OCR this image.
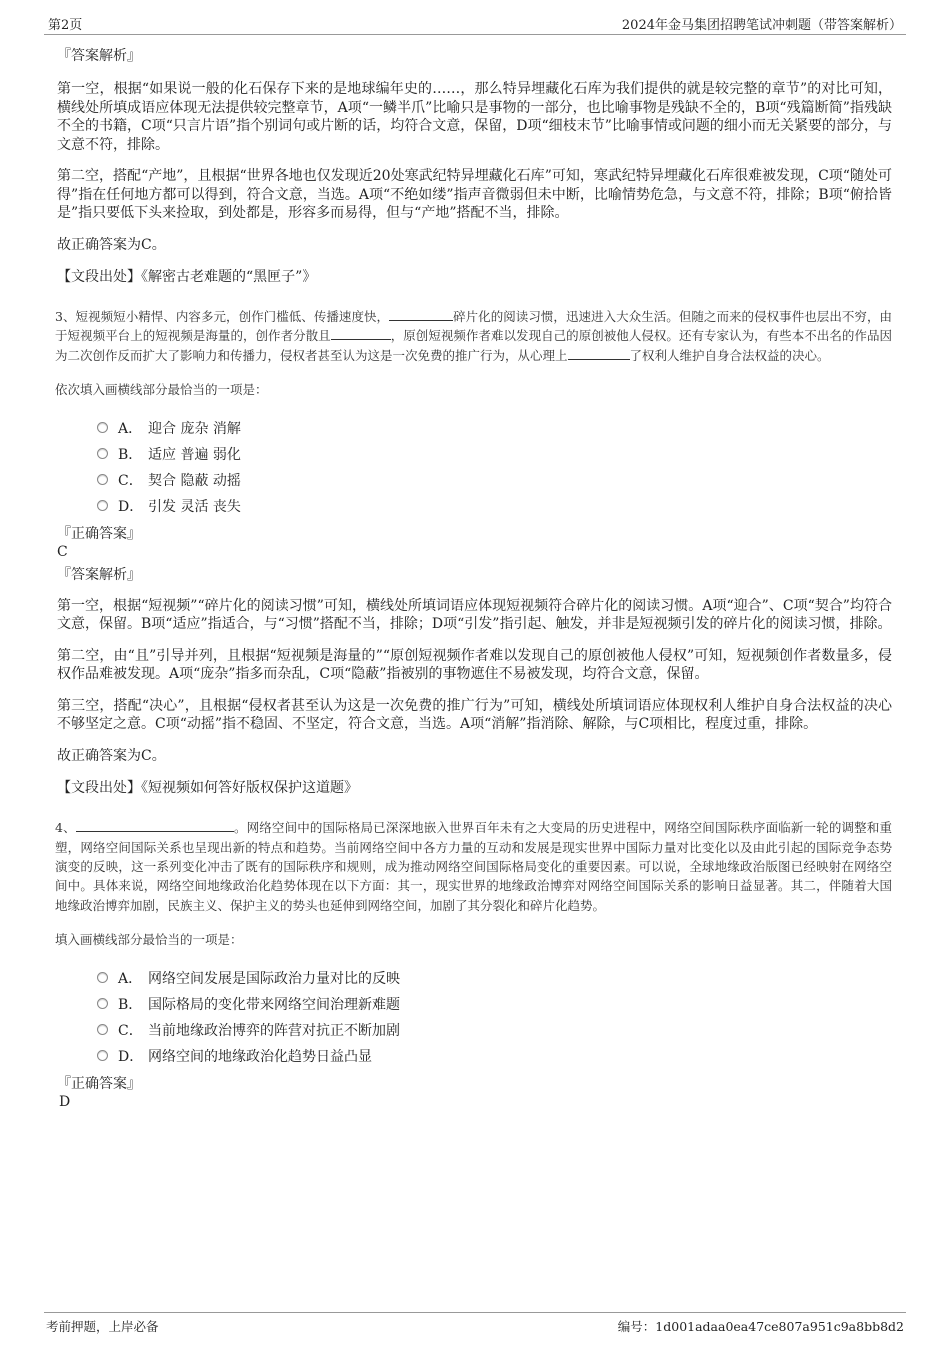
第2页	2024年金马集团招聘笔试冲刺题（带答案解析）
『答案解析』

第一空，根据“如果说一般的化石保存下来的是地球编年史的……，那么特异埋藏化石库为我们提供的就是较完整的章节”的对比可知，横线处所填成语应体现无法提供较完整章节，A项“一鳞半爪”比喻只是事物的一部分，也比喻事物是残缺不全的，B项“残篇断简”指残缺不全的书籍，C项“只言片语”指个别词句或片断的话，均符合文意，保留，D项“细枝末节”比喻事情或问题的细小而无关紧要的部分，与文意不符，排除。

第二空，搭配“产地”，且根据“世界各地也仅发现近20处寒武纪特异埋藏化石库”可知，寒武纪特异埋藏化石库很难被发现，C项“随处可得”指在任何地方都可以得到，符合文意，当选。A项“不绝如缕”指声音微弱但未中断，比喻情势危急，与文意不符，排除；B项“俯拾皆是”指只要低下头来捡取，到处都是，形容多而易得，但与“产地”搭配不当，排除。

故正确答案为C。

【文段出处】《解密古老难题的“黑匣子”》
3、短视频短小精悍、内容多元，创作门槛低、传播速度快，	碎片化的阅读习惯，迅速进入大众生活。但随之而来的侵权事件也层出不穷，由于短视频平台上的短视频是海量的，创作者分散且	，原创短视频作者难以发现自己的原创被他人侵权。还有专家认为，有些本不出名的作品因为二次创作反而扩大了影响力和传播力，侵权者甚至认为这是一次免费的推广行为，从心理上	了权利人维护自身合法权益的决心。
依次填入画横线部分最恰当的一项是：
A． 迎合 庞杂 消解
B． 适应 普遍 弱化
C． 契合 隐蔽 动摇
D． 引发 灵活 丧失
『正确答案』
C
『答案解析』

第一空，根据“短视频”“碎片化的阅读习惯”可知，横线处所填词语应体现短视频符合碎片化的阅读习惯。A项“迎合”、C项“契合”均符合文意，保留。B项“适应”指适合，与“习惯”搭配不当，排除；D项“引发”指引起、触发，并非是短视频引发的碎片化的阅读习惯，排除。

第二空，由“且”引导并列，且根据“短视频是海量的”“原创短视频作者难以发现自己的原创被他人侵权”可知，短视频创作者数量多，侵权作品难被发现。A项“庞杂”指多而杂乱，C项“隐蔽”指被别的事物遮住不易被发现，均符合文意，保留。

第三空，搭配“决心”，且根据“侵权者甚至认为这是一次免费的推广行为”可知，横线处所填词语应体现权利人维护自身合法权益的决心不够坚定之意。C项“动摇”指不稳固、不坚定，符合文意，当选。A项“消解”指消除、解除，与C项相比，程度过重，排除。

故正确答案为C。

【文段出处】《短视频如何答好版权保护这道题》
4、	。网络空间中的国际格局已深深地嵌入世界百年未有之大变局的历史进程中，网络空间国际秩序面临新一轮的调整和重塑，网络空间国际关系也呈现出新的特点和趋势。当前网络空间中各方力量的互动和发展是现实世界中国际力量对比变化以及由此引起的国际竞争态势演变的反映，这一系列变化冲击了既有的国际秩序和规则，成为推动网络空间国际格局变化的重要因素。可以说，全球地缘政治版图已经映射在网络空间中。具体来说，网络空间地缘政治化趋势体现在以下方面：其一，现实世界的地缘政治博弈对网络空间国际关系的影响日益显著。其二，伴随着大国地缘政治博弈加剧，民族主义、保护主义的势头也延伸到网络空间，加剧了其分裂化和碎片化趋势。
填入画横线部分最恰当的一项是：
A． 网络空间发展是国际政治力量对比的反映
B． 国际格局的变化带来网络空间治理新难题
C． 当前地缘政治博弈的阵营对抗正不断加剧
D． 网络空间的地缘政治化趋势日益凸显
『正确答案』
D
考前押题，上岸必备	编号：1d001adaa0ea47ce807a951c9a8bb8d2
